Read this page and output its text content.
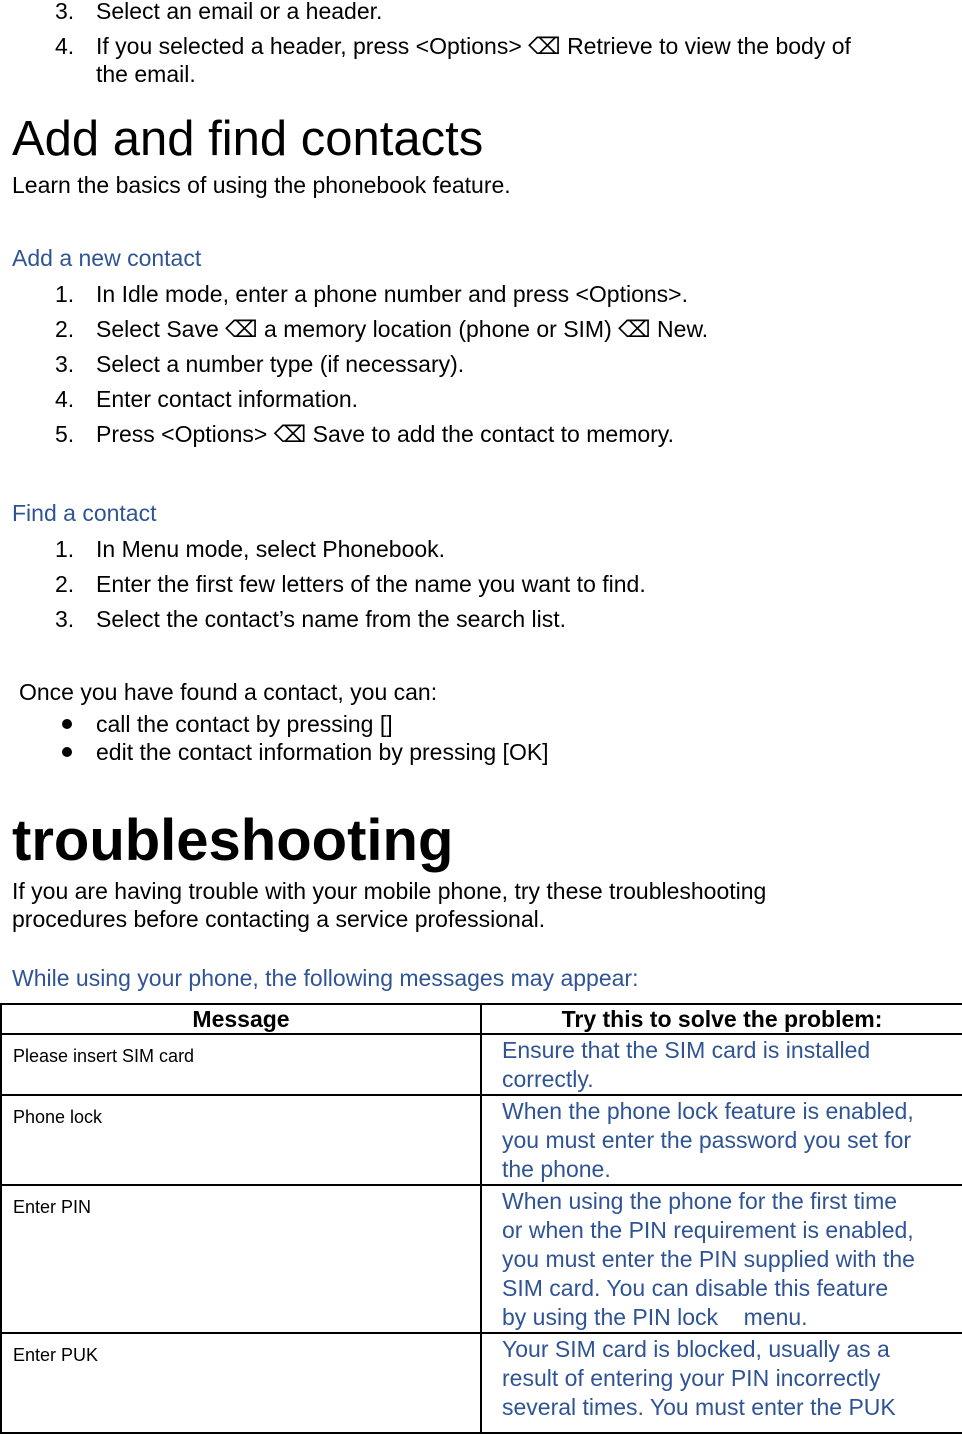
3. Select an email or a header.
4. If you selected a header, press <Options> ⌫ Retrieve to view the body of
the email.
Add and find contacts
Learn the basics of using the phonebook feature.
Add a new contact
1. In Idle mode, enter a phone number and press <Options>.
2. Select Save ⌫ a memory location (phone or SIM) ⌫ New.
3. Select a number type (if necessary).
4. Enter contact information.
5. Press <Options> ⌫ Save to add the contact to memory.
Find a contact
1. In Menu mode, select Phonebook.
2. Enter the first few letters of the name you want to find.
3. Select the contact’s name from the search list.
Once you have found a contact, you can:
call the contact by pressing []
edit the contact information by pressing [OK]
troubleshooting
If you are having trouble with your mobile phone, try these troubleshooting
procedures before contacting a service professional.
While using your phone, the following messages may appear:
Message	Try this to solve the problem:
Please insert SIM card	Ensure that the SIM card is installed
correctly.

Phone lock	When the phone lock feature is enabled,
you must enter the password you set for
the phone.

Enter PIN	When using the phone for the first time
or when the PIN requirement is enabled,
you must enter the PIN supplied with the
SIM card. You can disable this feature
by using the PIN lock    menu.

Enter PUK	Your SIM card is blocked, usually as a
result of entering your PIN incorrectly
several times. You must enter the PUK
